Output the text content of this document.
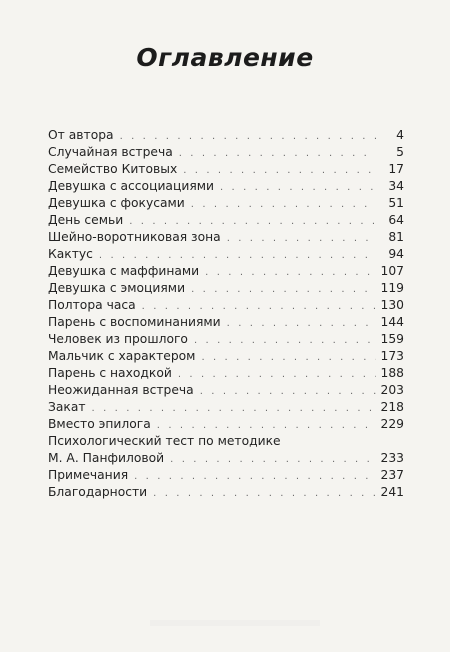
Оглавление
От автора . . .	4
Случайная встреча . . .	5
Семейство Китовых . . .	17
Девушка с ассоциациями . . .	34
Девушка с фокусами . . .	51
День семьи . . .	64
Шейно-воротниковая зона . . .	81
Кактус . . .	94
Девушка с маффинами . . .	107
Девушка с эмоциями . . .	119
Полтора часа . . .	130
Парень с воспоминаниями . . .	144
Человек из прошлого . . .	159
Мальчик с характером . . .	173
Парень с находкой . . .	188
Неожиданная встреча . . .	203
Закат . . .	218
Вместо эпилога . . .	229
Психологический тест по методике
М. А. Панфиловой . . .	233
Примечания . . .	237
Благодарности . . .	241
